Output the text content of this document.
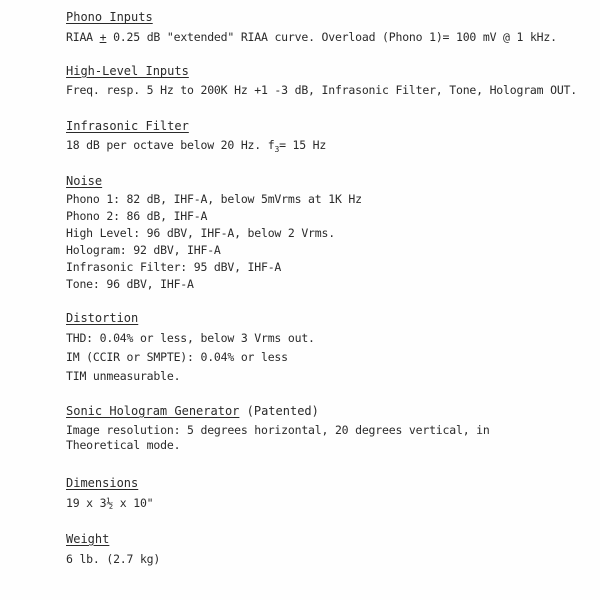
Phono Inputs
RIAA + 0.25 dB "extended" RIAA curve. Overload (Phono 1)= 100 mV @ 1 kHz.
High-Level Inputs
Freq. resp. 5 Hz to 200K Hz +1 -3 dB, Infrasonic Filter, Tone, Hologram OUT.
Infrasonic Filter
18 dB per octave below 20 Hz. $f_3= 15$ Hz
Noise
Phono 1: 82 dB, IHF-A, below 5mVrms at 1K Hz
Phono 2: 86 dB, IHF-A
High Level: 96 dBV, IHF-A, below 2 Vrms.
Hologram: 92 dBV, IHF-A
Infrasonic Filter: 95 dBV, IHF-A
Tone: 96 dBV, IHF-A
Distortion
THD: 0.04% or less, below 3 Vrms out.
IM (CCIR or SMPTE): 0.04% or less
TIM unmeasurable.
Sonic Hologram Generator (Patented)
Image resolution: 5 degrees horizontal, 20 degrees vertical, in
Theoretical mode.
Dimensions
19 x 3½ x 10"
Weight
6 lb. (2.7 kg)
